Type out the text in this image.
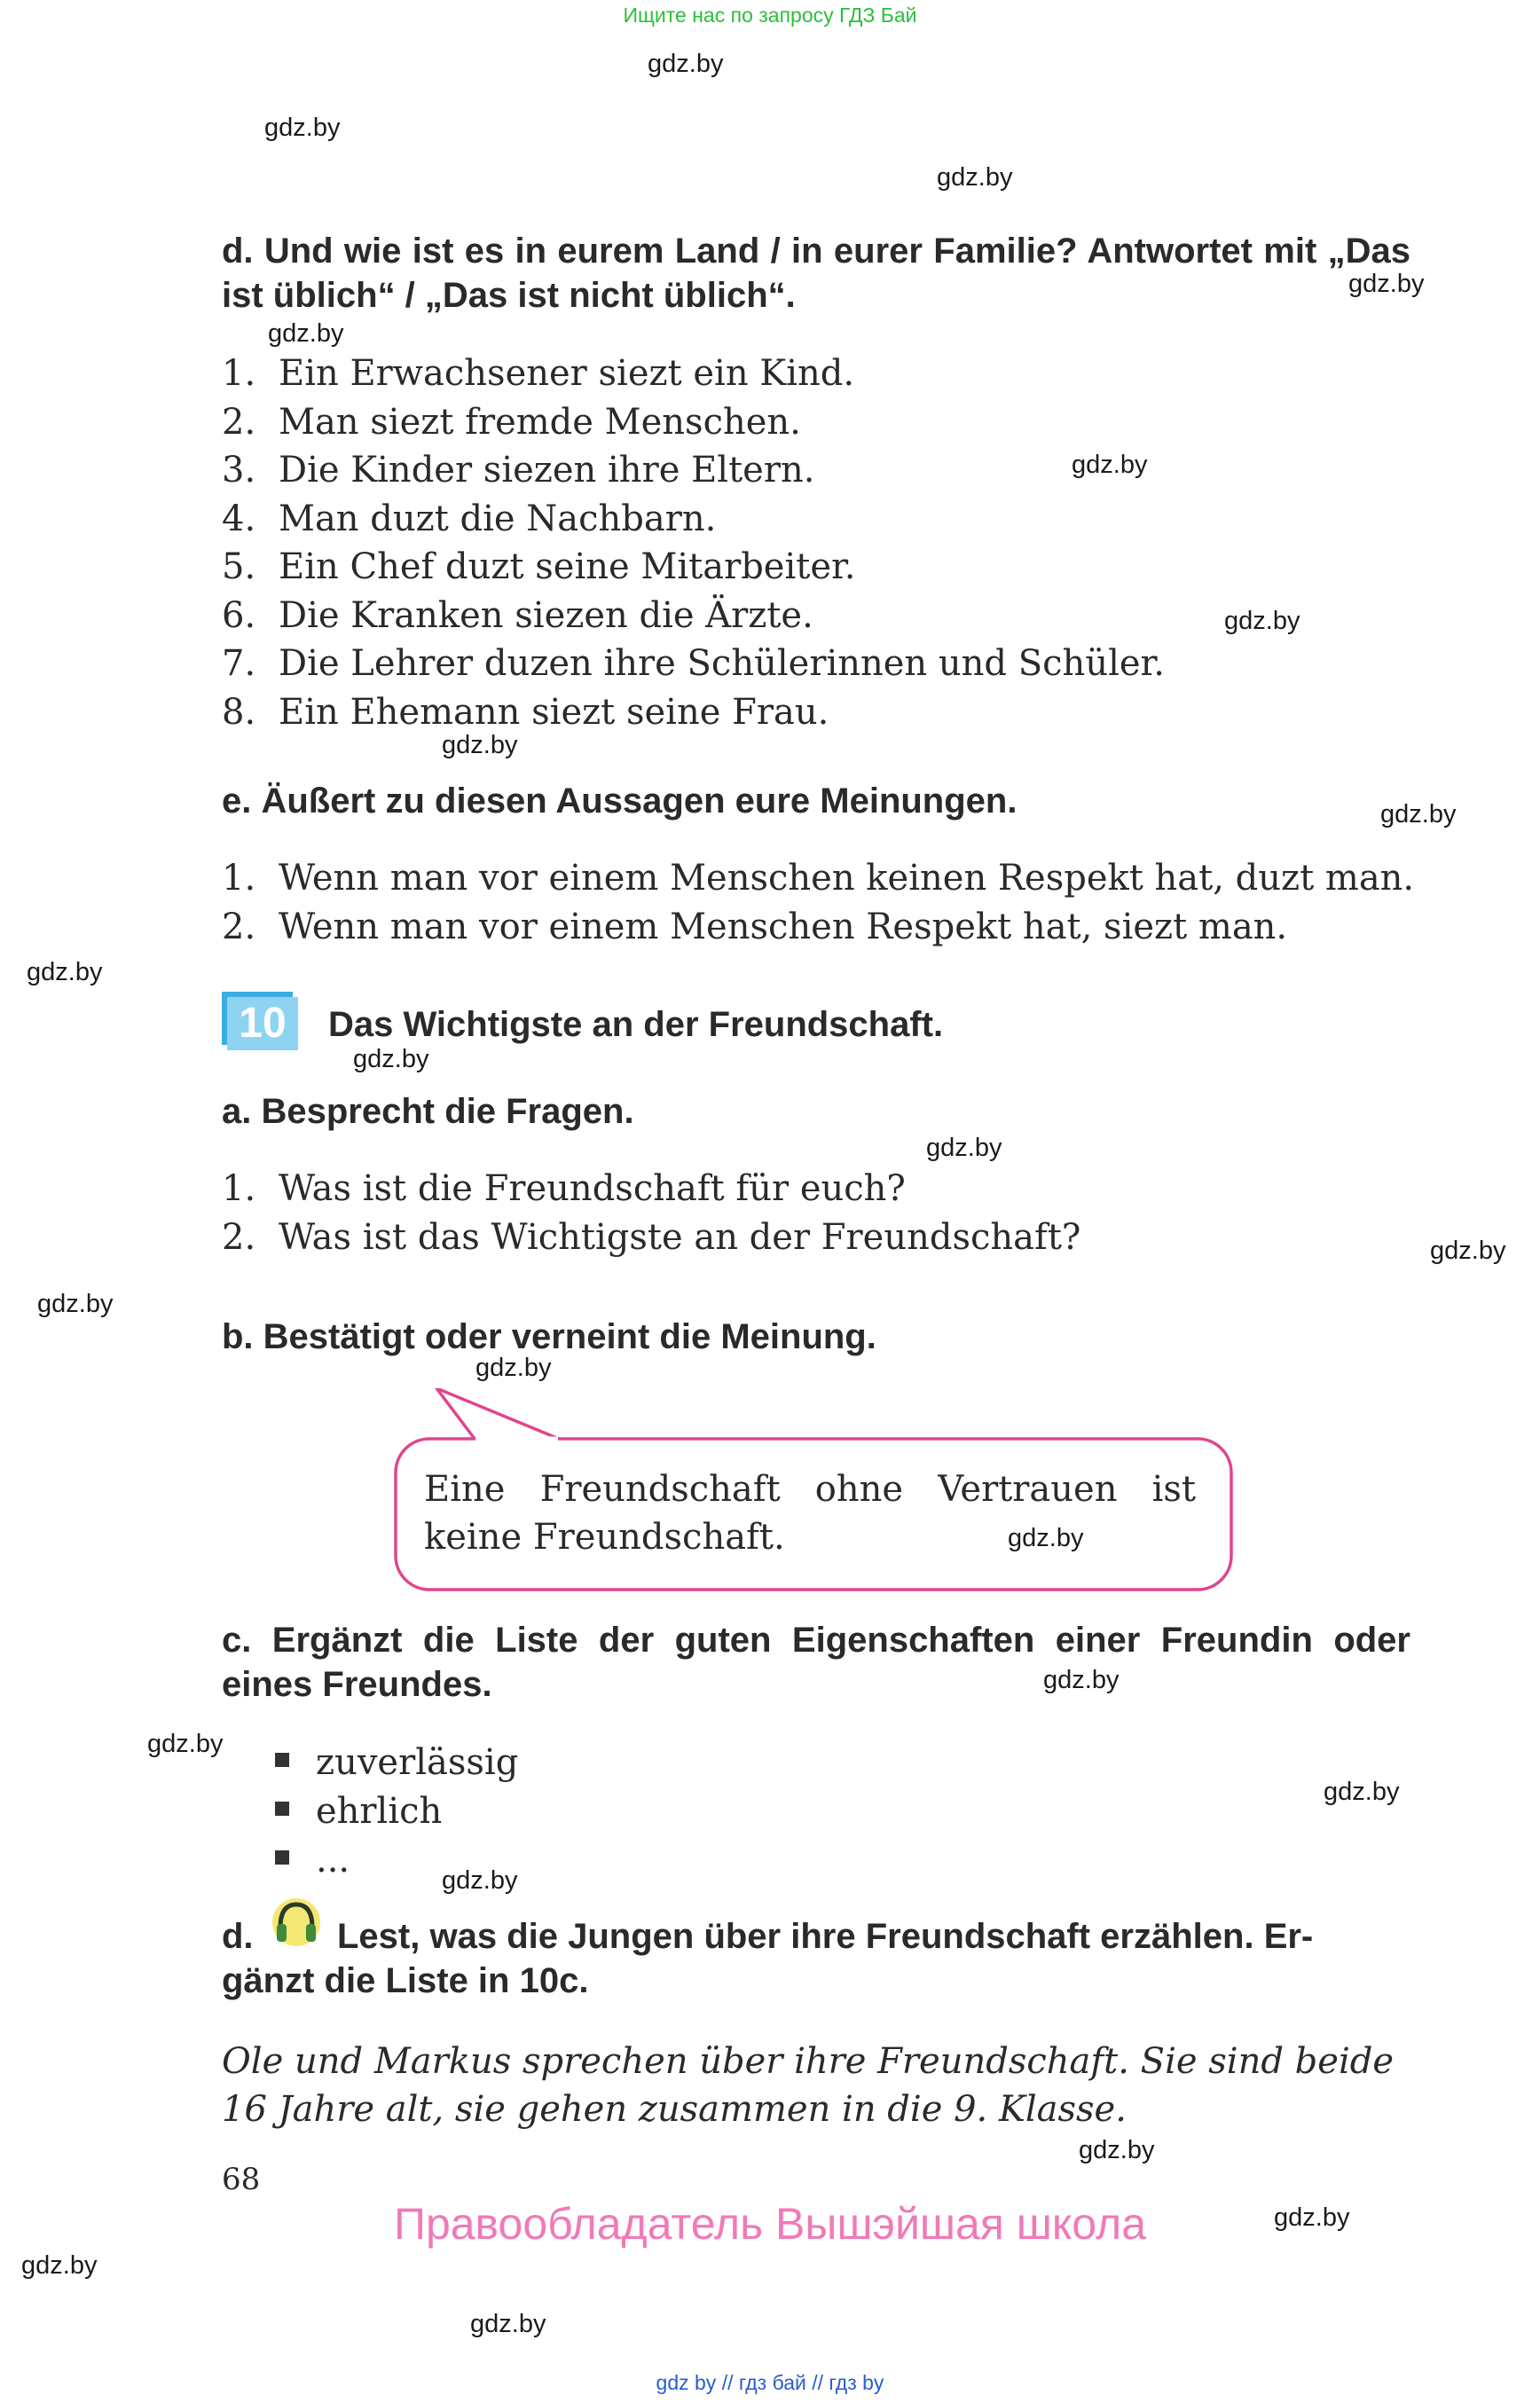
Ищите нас по запросу ГДЗ Бай
gdz.by
gdz.by
gdz.by
gdz.by
gdz.by
gdz.by
gdz.by
gdz.by
gdz.by
gdz.by
gdz.by
gdz.by
gdz.by
gdz.by
gdz.by
gdz.by
gdz.by
gdz.by
gdz.by
gdz.by
gdz.by
gdz.by
gdz.by
gdz.by
d. Und wie ist es in eurem Land / in eurer Familie? Antwortet mit „Das ist üblich“ / „Das ist nicht üblich“.
1. Ein Erwachsener siezt ein Kind.
2. Man siezt fremde Menschen.
3. Die Kinder siezen ihre Eltern.
4. Man duzt die Nachbarn.
5. Ein Chef duzt seine Mitarbeiter.
6. Die Kranken siezen die Ärzte.
7. Die Lehrer duzen ihre Schülerinnen und Schüler.
8. Ein Ehemann siezt seine Frau.
e. Äußert zu diesen Aussagen eure Meinungen.
1. Wenn man vor einem Menschen keinen Respekt hat, duzt man.
2. Wenn man vor einem Menschen Respekt hat, siezt man.
10	Das Wichtigste an der Freundschaft.
a. Besprecht die Fragen.
1. Was ist die Freundschaft für euch?
2. Was ist das Wichtigste an der Freundschaft?
b. Bestätigt oder verneint die Meinung.
Eine Freundschaft ohne Vertrauen ist keine Freundschaft.
c. Ergänzt die Liste der guten Eigenschaften einer Freundin oder eines Freundes.
zuverlässig
ehrlich
...
d.	Lest, was die Jungen über ihre Freundschaft erzählen. Er-
gänzt die Liste in 10c.
Ole und Markus sprechen über ihre Freundschaft. Sie sind beide 16 Jahre alt, sie gehen zusammen in die 9. Klasse.
68
Правообладатель Вышэйшая школа
gdz by // гдз бай // гдз by
